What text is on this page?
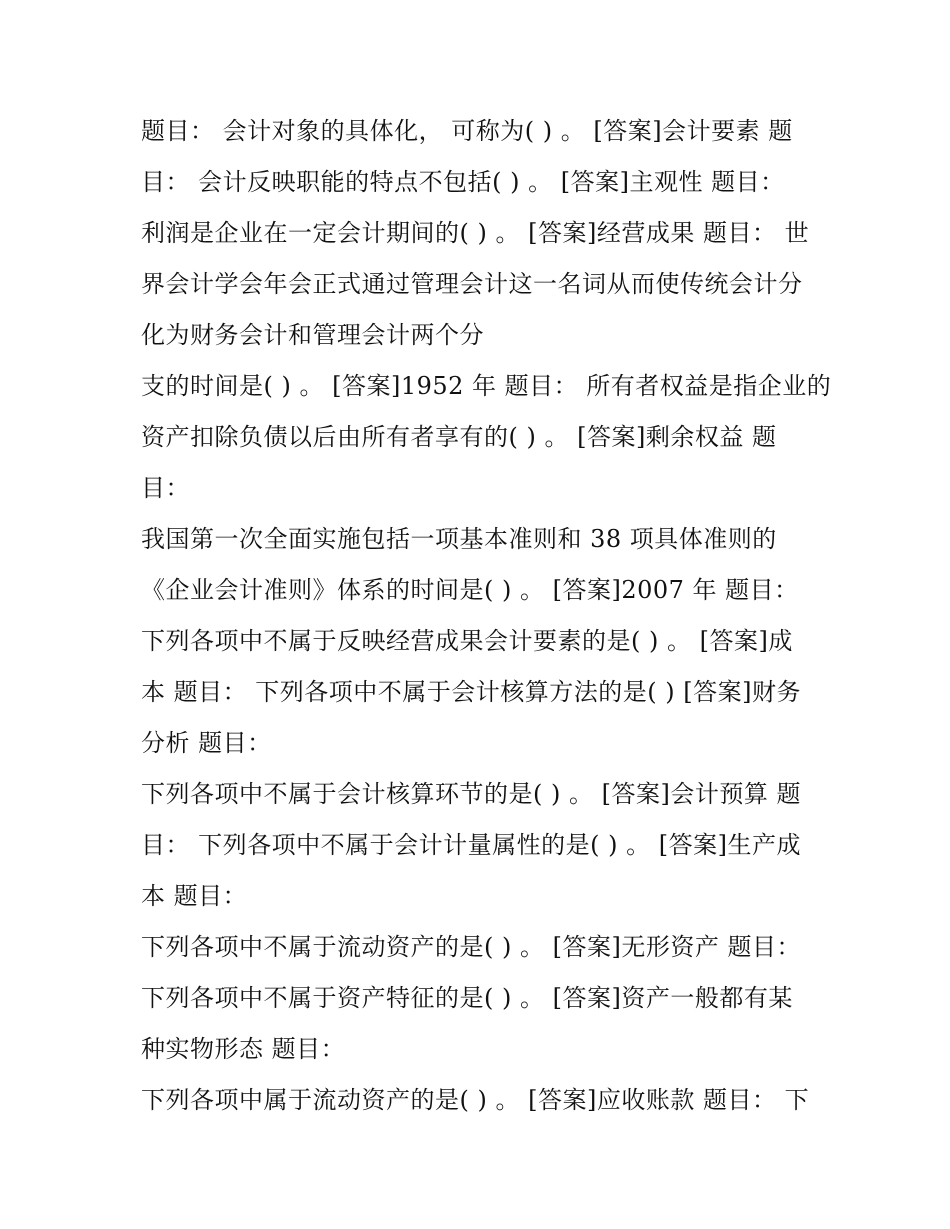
题目： 会计对象的具体化， 可称为( ) 。 [答案]会计要素 题
目： 会计反映职能的特点不包括( ) 。 [答案]主观性 题目：
利润是企业在一定会计期间的( ) 。 [答案]经营成果 题目： 世
界会计学会年会正式通过管理会计这一名词从而使传统会计分
化为财务会计和管理会计两个分
支的时间是( ) 。 [答案]1952 年 题目： 所有者权益是指企业的
资产扣除负债以后由所有者享有的( ) 。 [答案]剩余权益 题
目：
我国第一次全面实施包括一项基本准则和 38 项具体准则的
《企业会计准则》体系的时间是( ) 。 [答案]2007 年 题目：
下列各项中不属于反映经营成果会计要素的是( ) 。 [答案]成
本 题目： 下列各项中不属于会计核算方法的是( ) [答案]财务
分析 题目：
下列各项中不属于会计核算环节的是( ) 。 [答案]会计预算 题
目： 下列各项中不属于会计计量属性的是( ) 。 [答案]生产成
本 题目：
下列各项中不属于流动资产的是( ) 。 [答案]无形资产 题目：
下列各项中不属于资产特征的是( ) 。 [答案]资产一般都有某
种实物形态 题目：
下列各项中属于流动资产的是( ) 。 [答案]应收账款 题目： 下
